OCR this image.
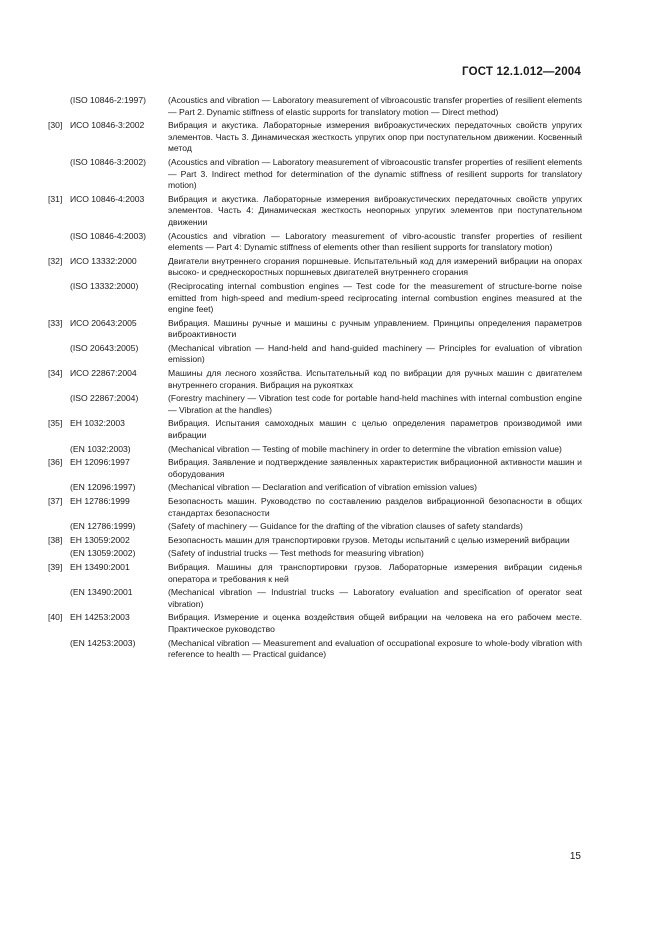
ГОСТ 12.1.012—2004
(ISO 10846-2:1997)	(Acoustics and vibration — Laboratory measurement of vibroacoustic transfer properties of resilient elements — Part 2. Dynamic stiffness of elastic supports for translatory motion — Direct method)
[30] ИСО 10846-3:2002	Вибрация и акустика. Лабораторные измерения виброакустических передаточных свойств упругих элементов. Часть 3. Динамическая жесткость упругих опор при поступательном движении. Косвенный метод
(ISO 10846-3:2002)	(Acoustics and vibration — Laboratory measurement of vibroacoustic transfer properties of resilient elements — Part 3. Indirect method for determination of the dynamic stiffness of resilient supports for translatory motion)
[31] ИСО 10846-4:2003	Вибрация и акустика. Лабораторные измерения виброакустических передаточных свойств упругих элементов. Часть 4: Динамическая жесткость неопорных упругих элементов при поступательном движении
(ISO 10846-4:2003)	(Acoustics and vibration — Laboratory measurement of vibro-acoustic transfer properties of resilient elements — Part 4: Dynamic stiffness of elements other than resilient supports for translatory motion)
[32] ИСО 13332:2000	Двигатели внутреннего сгорания поршневые. Испытательный код для измерений вибрации на опорах высоко- и среднескоростных поршневых двигателей внутреннего сгорания
(ISO 13332:2000)	(Reciprocating internal combustion engines — Test code for the measurement of structure-borne noise emitted from high-speed and medium-speed reciprocating internal combustion engines measured at the engine feet)
[33] ИСО 20643:2005	Вибрация. Машины ручные и машины с ручным управлением. Принципы определения параметров виброактивности
(ISO 20643:2005)	(Mechanical vibration — Hand-held and hand-guided machinery — Principles for evaluation of vibration emission)
[34] ИСО 22867:2004	Машины для лесного хозяйства. Испытательный код по вибрации для ручных машин с двигателем внутреннего сгорания. Вибрация на рукоятках
(ISO 22867:2004)	(Forestry machinery — Vibration test code for portable hand-held machines with internal combustion engine — Vibration at the handles)
[35] ЕН 1032:2003	Вибрация. Испытания самоходных машин с целью определения параметров производимой ими вибрации
(EN 1032:2003)	(Mechanical vibration — Testing of mobile machinery in order to determine the vibration emission value)
[36] ЕН 12096:1997	Вибрация. Заявление и подтверждение заявленных характеристик вибрационной активности машин и оборудования
(EN 12096:1997)	(Mechanical vibration — Declaration and verification of vibration emission values)
[37] ЕН 12786:1999	Безопасность машин. Руководство по составлению разделов вибрационной безопасности в общих стандартах безопасности
(EN 12786:1999)	(Safety of machinery — Guidance for the drafting of the vibration clauses of safety standards)
[38] ЕН 13059:2002	Безопасность машин для транспортировки грузов. Методы испытаний с целью измерений вибрации
(EN 13059:2002)	(Safety of industrial trucks — Test methods for measuring vibration)
[39] ЕН 13490:2001	Вибрация. Машины для транспортировки грузов. Лабораторные измерения вибрации сиденья оператора и требования к ней
(EN 13490:2001	(Mechanical vibration — Industrial trucks — Laboratory evaluation and specification of operator seat vibration)
[40] ЕН 14253:2003	Вибрация. Измерение и оценка воздействия общей вибрации на человека на его рабочем месте. Практическое руководство
(EN 14253:2003)	(Mechanical vibration — Measurement and evaluation of occupational exposure to whole-body vibration with reference to health — Practical guidance)
15
